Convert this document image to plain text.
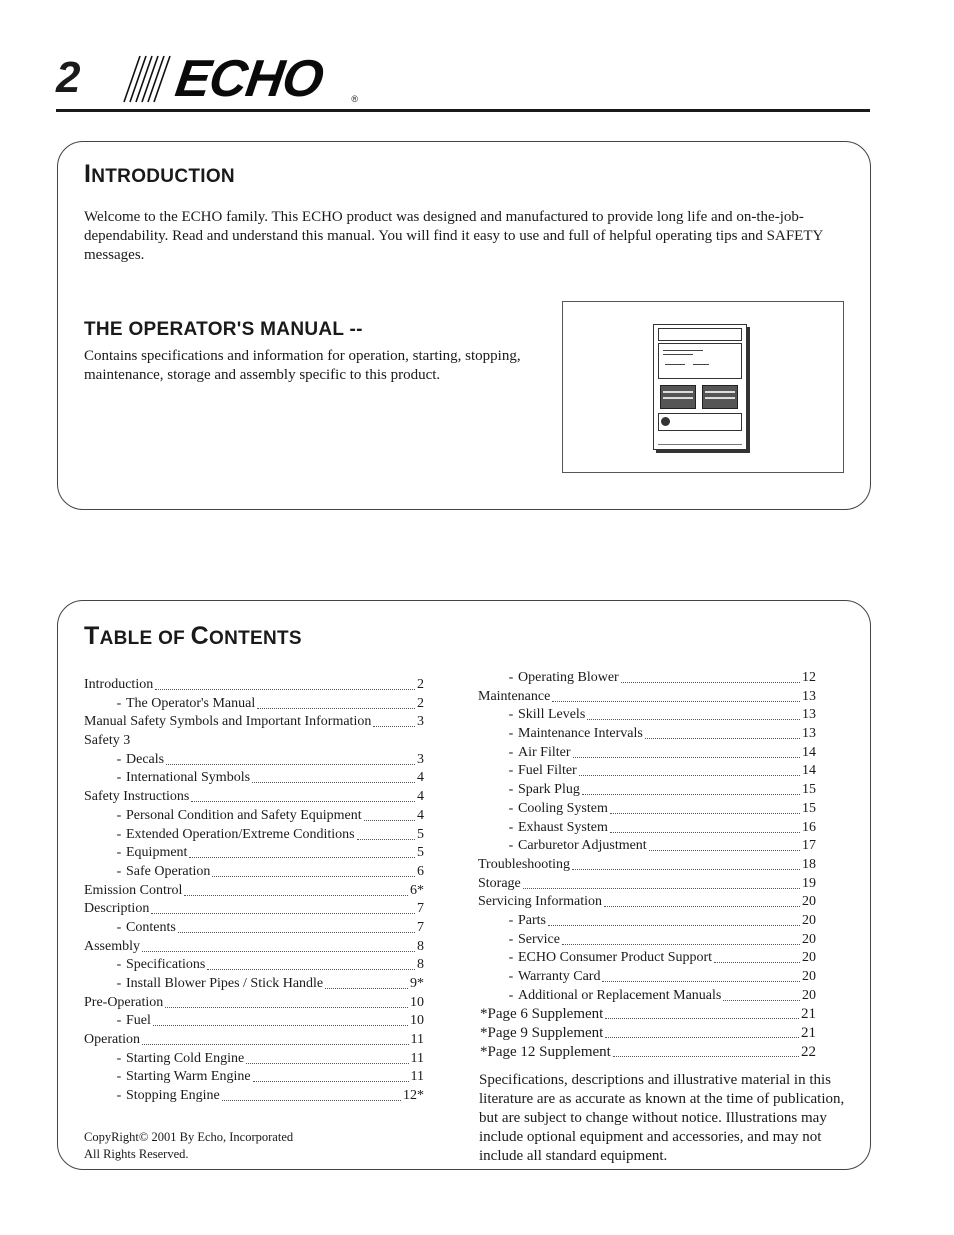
2 ECHO	®
INTRODUCTION
Welcome to the ECHO family. This ECHO product was designed and manufactured to provide long life and on-the-job-dependability. Read and understand this manual. You will find it easy to use and full of helpful operating tips and SAFETY messages.
THE OPERATOR'S MANUAL --
Contains specifications and information for operation, starting, stopping, maintenance, storage and assembly specific to this product.
TABLE OF CONTENTS
Introduction	2
- The Operator's Manual	2
Manual Safety Symbols and Important Information	3
Safety 3
- Decals	3
- International Symbols	4
Safety Instructions	4
- Personal Condition and Safety Equipment	4
- Extended Operation/Extreme Conditions	5
- Equipment	5
- Safe Operation	6
Emission Control	6*
Description	7
- Contents	7
Assembly	8
- Specifications	8
- Install Blower Pipes / Stick Handle	9*
Pre-Operation	10
- Fuel	10
Operation	11
- Starting Cold Engine	11
- Starting Warm Engine	11
- Stopping Engine	12*
- Operating Blower	12
Maintenance	13
- Skill Levels	13
- Maintenance Intervals	13
- Air Filter	14
- Fuel Filter	14
- Spark Plug	15
- Cooling System	15
- Exhaust System	16
- Carburetor Adjustment	17
Troubleshooting	18
Storage	19
Servicing Information	20
- Parts	20
- Service	20
- ECHO Consumer Product Support	20
- Warranty Card	20
- Additional or Replacement Manuals	20
*Page 6 Supplement	21
*Page 9 Supplement	21
*Page 12 Supplement	22
Specifications, descriptions and illustrative material in this literature are as accurate as known at the time of publication, but are subject to change without notice. Illustrations may include optional equipment and accessories, and may not include all standard equipment.
CopyRight© 2001 By Echo, Incorporated
All Rights Reserved.
